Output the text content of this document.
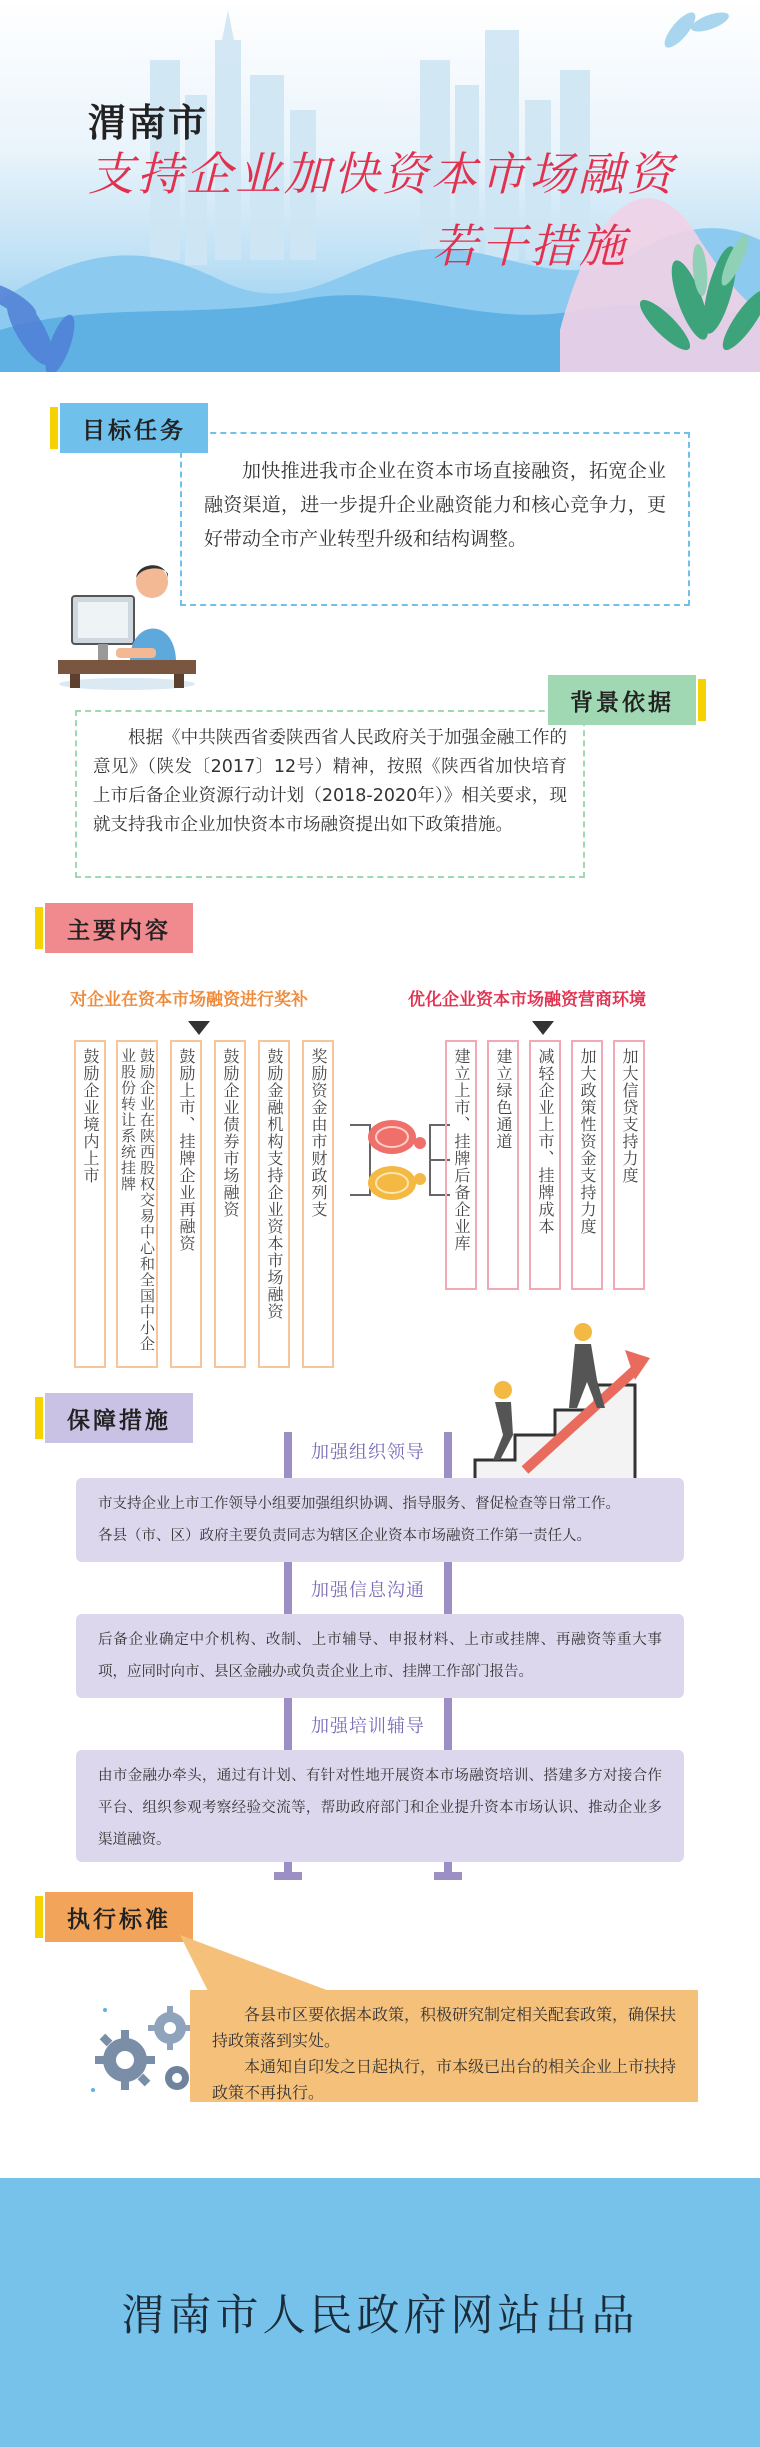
渭南市
支持企业加快资本市场融资
若干措施
目标任务
加快推进我市企业在资本市场直接融资，拓宽企业融资渠道，进一步提升企业融资能力和核心竞争力，更好带动全市产业转型升级和结构调整。
背景依据
根据《中共陕西省委陕西省人民政府关于加强金融工作的意见》（陕发〔2017〕12号）精神，按照《陕西省加快培育上市后备企业资源行动计划（2018-2020年）》相关要求，现就支持我市企业加快资本市场融资提出如下政策措施。
主要内容
对企业在资本市场融资进行奖补	优化企业资本市场融资营商环境
鼓励企业境内上市	鼓励企业在陕西股权交易中心和全国中小企业股份转让系统挂牌	鼓励上市、挂牌企业再融资 鼓励企业债券市场融资 鼓励金融机构支持企业资本市场融资 奖励资金由市财政列支	建立上市、挂牌后备企业库 建立绿色通道 减轻企业上市、挂牌成本 加大政策性资金支持力度 加大信贷支持力度
保障措施
加强组织领导
市支持企业上市工作领导小组要加强组织协调、指导服务、督促检查等日常工作。
各县（市、区）政府主要负责同志为辖区企业资本市场融资工作第一责任人。
加强信息沟通
后备企业确定中介机构、改制、上市辅导、申报材料、上市或挂牌、再融资等重大事项，应同时向市、县区金融办或负责企业上市、挂牌工作部门报告。
加强培训辅导
由市金融办牵头，通过有计划、有针对性地开展资本市场融资培训、搭建多方对接合作平台、组织参观考察经验交流等，帮助政府部门和企业提升资本市场认识、推动企业多渠道融资。
执行标准
各县市区要依据本政策，积极研究制定相关配套政策，确保扶持政策落到实处。
本通知自印发之日起执行，市本级已出台的相关企业上市扶持政策不再执行。
渭南市人民政府网站出品
